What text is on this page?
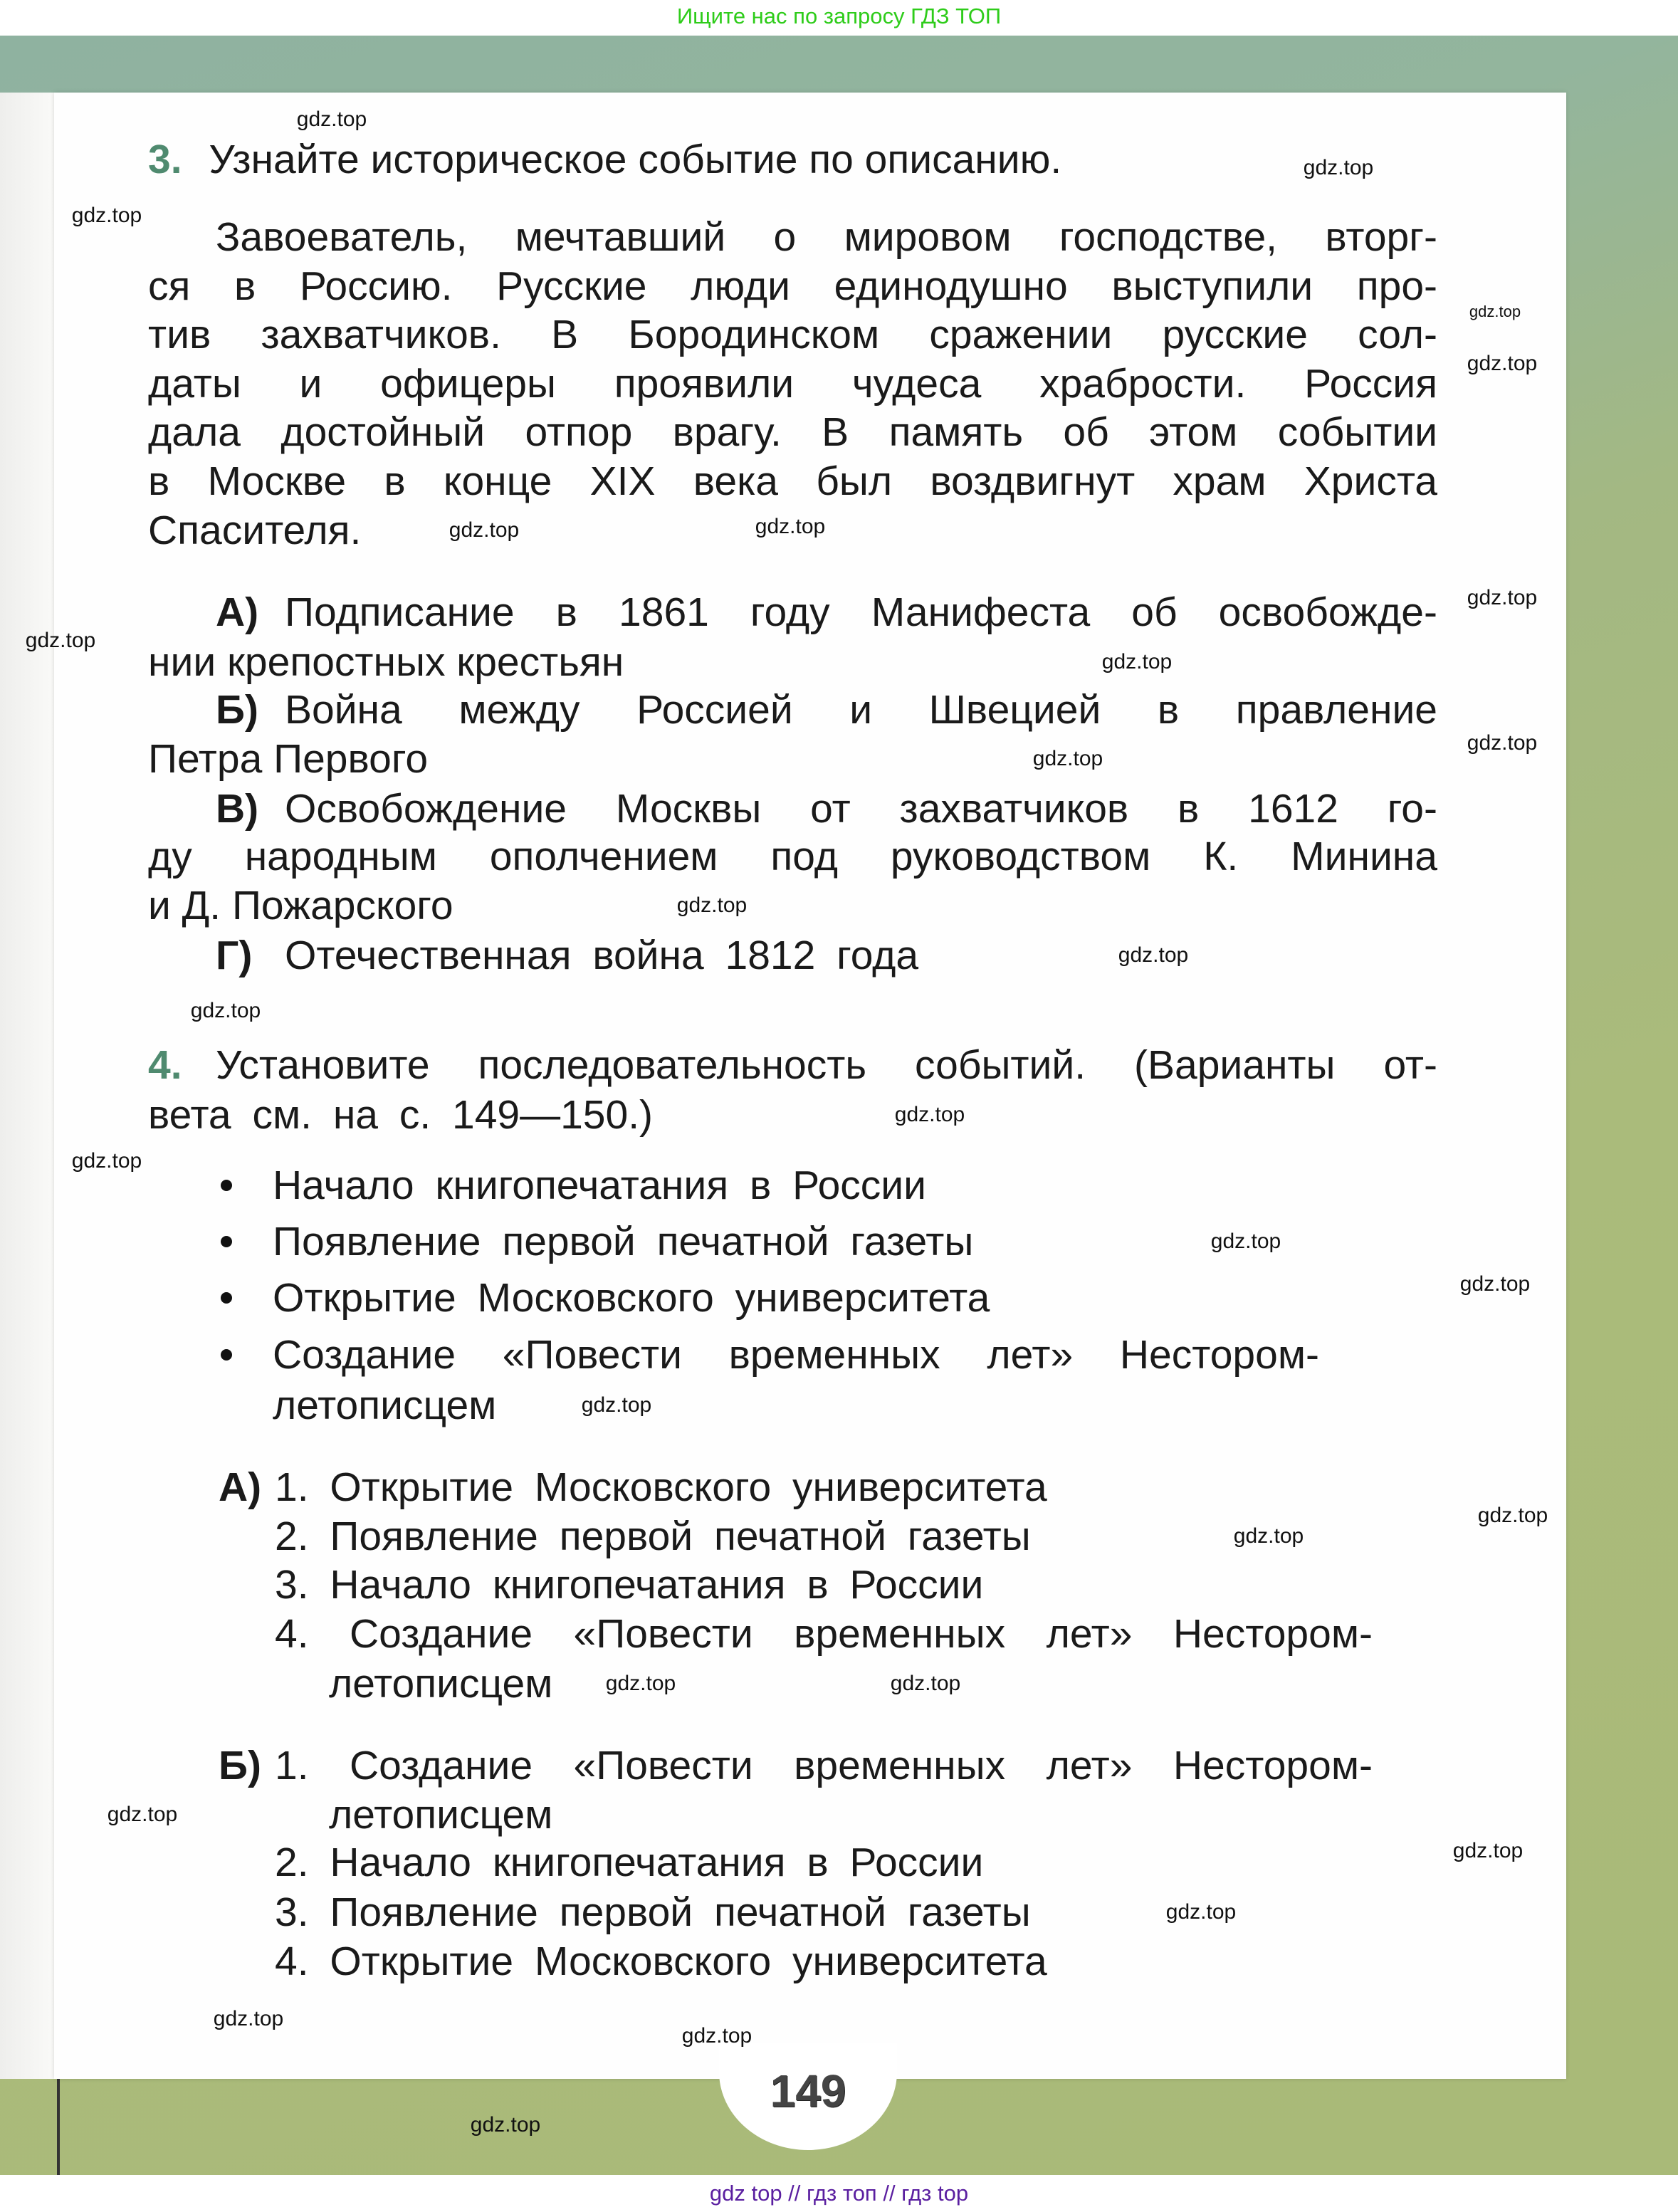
Ищите нас по запросу ГДЗ ТОП
149
gdz top // гдз топ // гдз top
3. Узнайте историческое событие по описанию.
Завоеватель, мечтавший о мировом господстве, вторг-
ся в Россию. Русские люди единодушно выступили про-
тив захватчиков. В Бородинском сражении русские сол-
даты и офицеры проявили чудеса храбрости. Россия
дала достойный отпор врагу. В память об этом событии
в Москве в конце XIX века был воздвигнут храм Христа
Спасителя.
А) Подписание в 1861 году Манифеста об освобожде-
нии крепостных крестьян
Б) Война между Россией и Швецией в правление
Петра Первого
В) Освобождение Москвы от захватчиков в 1612 го-
ду народным ополчением под руководством К. Минина
и Д. Пожарского
Г) Отечественная война 1812 года
4. Установите последовательность событий. (Варианты от-
вета см. на с. 149—150.)
Начало книгопечатания в России
Появление первой печатной газеты
Открытие Московского университета
Создание «Повести временных лет» Нестором-
летописцем
А) 1. Открытие Московского университета
2. Появление первой печатной газеты
3. Начало книгопечатания в России
4. Создание «Повести временных лет» Нестором-
летописцем
Б) 1. Создание «Повести временных лет» Нестором-
летописцем
2. Начало книгопечатания в России
3. Появление первой печатной газеты
4. Открытие Московского университета
gdz.top
gdz.top
gdz.top
gdz.top
gdz.top
gdz.top
gdz.top
gdz.top
gdz.top
gdz.top
gdz.top
gdz.top
gdz.top
gdz.top
gdz.top
gdz.top
gdz.top
gdz.top
gdz.top
gdz.top
gdz.top
gdz.top
gdz.top
gdz.top
gdz.top
gdz.top
gdz.top
gdz.top
gdz.top
gdz.top
